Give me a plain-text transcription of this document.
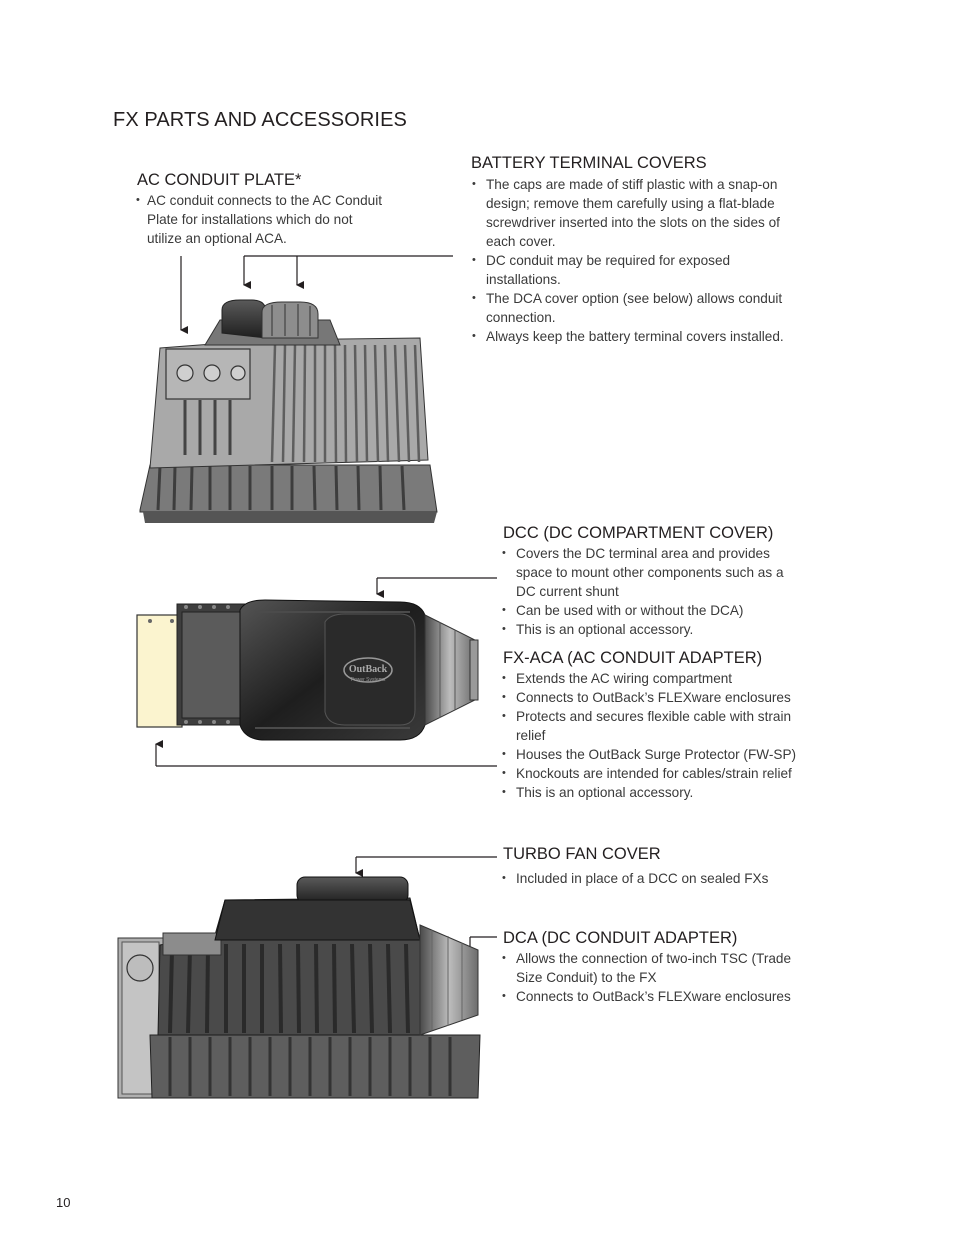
FX PARTS AND ACCESSORIES
AC CONDUIT PLATE*
• AC conduit connects to the AC Conduit Plate for installations which do not utilize an optional ACA.
BATTERY TERMINAL COVERS
• The caps are made of stiff plastic with a snap-on design; remove them carefully using a flat-blade screwdriver inserted into the slots on the sides of each cover.
• DC conduit may be required for exposed installations.
• The DCA cover option (see below) allows conduit connection.
• Always keep the battery terminal covers installed.
DCC (DC COMPARTMENT COVER)
• Covers the DC terminal area and provides space to mount other components such as a DC current shunt
• Can be used with or without the DCA)
• This is an optional accessory.
FX-ACA (AC CONDUIT ADAPTER)
• Extends the AC wiring compartment
• Connects to OutBack’s FLEXware enclosures
• Protects and secures flexible cable with strain relief
• Houses the OutBack Surge Protector (FW-SP)
• Knockouts are intended for cables/strain relief
• This is an optional accessory.
TURBO FAN COVER
• Included in place of a DCC on sealed FXs
DCA (DC CONDUIT ADAPTER)
• Allows the connection of two-inch TSC (Trade Size Conduit) to the FX
• Connects to OutBack’s FLEXware enclosures
10
OutBack
Power Systems
